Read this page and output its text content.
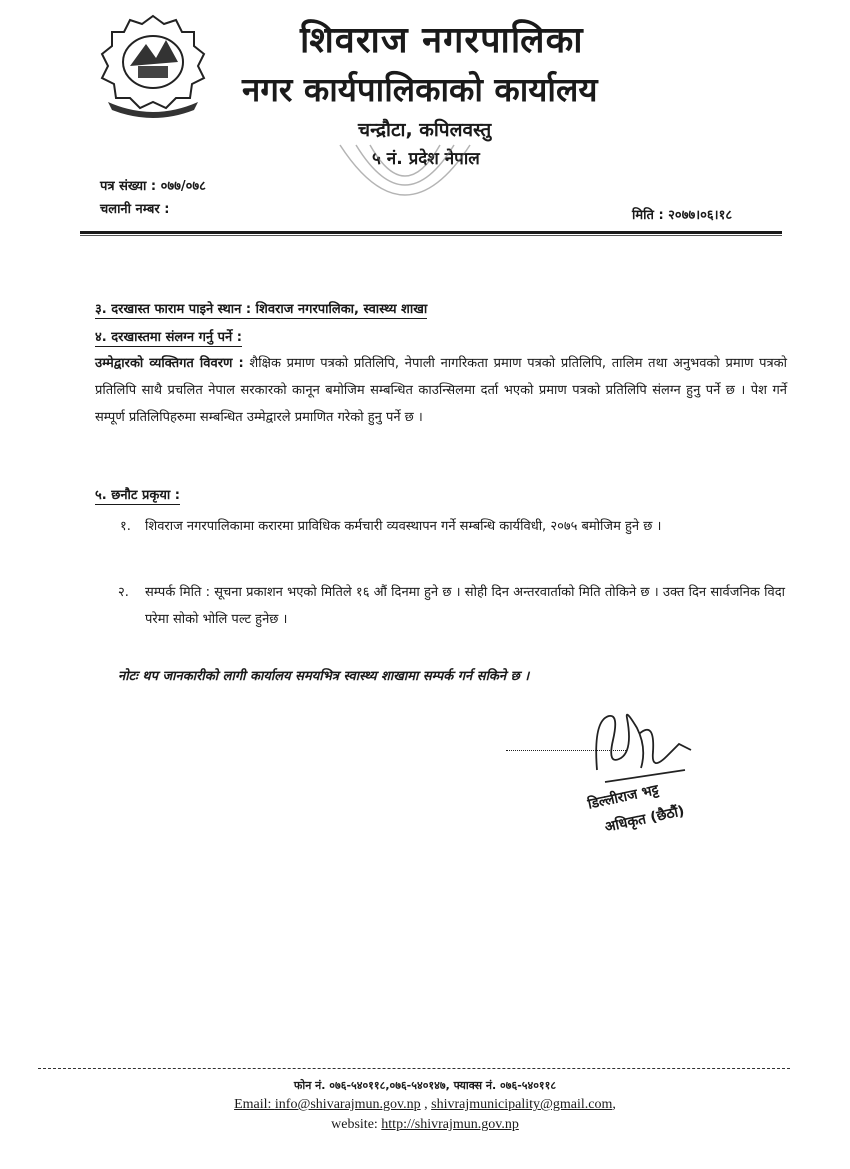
शिवराज नगरपालिका
नगर कार्यपालिकाको कार्यालय
चन्द्रौटा, कपिलवस्तु
५ नं. प्रदेश नेपाल
पत्र संख्या : ०७७/०७८
चलानी नम्बर :	मिति : २०७७।०६।१८
३. दरखास्त फाराम पाइने स्थान : शिवराज नगरपालिका, स्वास्थ्य शाखा
४. दरखास्तमा संलग्न गर्नु पर्ने :
उम्मेद्वारको व्यक्तिगत विवरण : शैक्षिक प्रमाण पत्रको प्रतिलिपि, नेपाली नागरिकता प्रमाण पत्रको प्रतिलिपि, तालिम तथा अनुभवको प्रमाण पत्रको प्रतिलिपि साथै प्रचलित नेपाल सरकारको कानून बमोजिम सम्बन्धित काउन्सिलमा दर्ता भएको प्रमाण पत्रको प्रतिलिपि संलग्न हुनु पर्ने छ । पेश गर्ने सम्पूर्ण प्रतिलिपिहरुमा सम्बन्धित उम्मेद्वारले प्रमाणित गरेको हुनु पर्ने छ ।
५. छनौट प्रकृया :
१. शिवराज नगरपालिकामा करारमा प्राविधिक कर्मचारी व्यवस्थापन गर्ने सम्बन्धि कार्यविधी, २०७५ बमोजिम हुने छ ।
२. सम्पर्क मिति : सूचना प्रकाशन भएको मितिले १६ औं दिनमा हुने छ । सोही दिन अन्तरवार्ताको मिति तोकिने छ । उक्त दिन सार्वजनिक विदा परेमा सोको भोलि पल्ट हुनेछ ।
नोटः थप जानकारीको लागी कार्यालय समयभित्र स्वास्थ्य शाखामा सम्पर्क गर्न सकिने छ ।
डिल्लीराज भट्ट
अधिकृत (छैठौं)
फोन नं. ०७६-५४०११८,०७६-५४०१४७, फ्याक्स नं. ०७६-५४०११८
Email: info@shivarajmun.gov.np , shivrajmunicipality@gmail.com,
website: http://shivrajmun.gov.np
